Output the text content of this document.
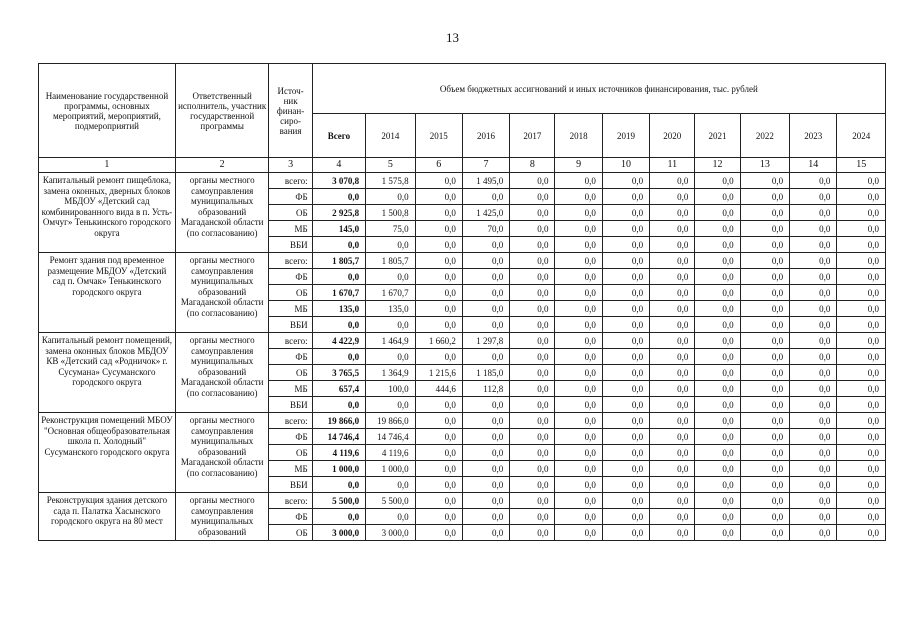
13
Наименование государственной программы, основных мероприятий, мероприятий, подмероприятий	Ответственный исполнитель, участник государственной программы	Источ-ник финан-сиро-вания	Объем бюджетных ассигнований и иных источников финансирования, тыс. рублей											
			Всего	2014	2015	2016	2017	2018	2019	2020	2021	2022	2023	2024
1	2	3	4	5	6	7	8	9	10	11	12	13	14	15
Капитальный ремонт пищеблока, замена оконных, дверных блоков МБДОУ «Детский сад комбинированного вида в п. Усть-Омчуг» Тенькинского городского округа	органы местного самоуправления муниципальных образований Магаданской области (по согласованию)	всего:	3 070,8	1 575,8	0,0	1 495,0	0,0	0,0	0,0	0,0	0,0	0,0	0,0	0,0
		ФБ	0,0	0,0	0,0	0,0	0,0	0,0	0,0	0,0	0,0	0,0	0,0	0,0
		ОБ	2 925,8	1 500,8	0,0	1 425,0	0,0	0,0	0,0	0,0	0,0	0,0	0,0	0,0
		МБ	145,0	75,0	0,0	70,0	0,0	0,0	0,0	0,0	0,0	0,0	0,0	0,0
		ВБИ	0,0	0,0	0,0	0,0	0,0	0,0	0,0	0,0	0,0	0,0	0,0	0,0
Ремонт здания под временное размещение МБДОУ «Детский сад п. Омчак» Тенькинского городского округа	органы местного самоуправления муниципальных образований Магаданской области (по согласованию)	всего:	1 805,7	1 805,7	0,0	0,0	0,0	0,0	0,0	0,0	0,0	0,0	0,0	0,0
		ФБ	0,0	0,0	0,0	0,0	0,0	0,0	0,0	0,0	0,0	0,0	0,0	0,0
		ОБ	1 670,7	1 670,7	0,0	0,0	0,0	0,0	0,0	0,0	0,0	0,0	0,0	0,0
		МБ	135,0	135,0	0,0	0,0	0,0	0,0	0,0	0,0	0,0	0,0	0,0	0,0
		ВБИ	0,0	0,0	0,0	0,0	0,0	0,0	0,0	0,0	0,0	0,0	0,0	0,0
Капитальный ремонт помещений, замена оконных блоков МБДОУ КВ «Детский сад «Родничок» г. Сусумана» Сусуманского городского округа	органы местного самоуправления муниципальных образований Магаданской области (по согласованию)	всего:	4 422,9	1 464,9	1 660,2	1 297,8	0,0	0,0	0,0	0,0	0,0	0,0	0,0	0,0
		ФБ	0,0	0,0	0,0	0,0	0,0	0,0	0,0	0,0	0,0	0,0	0,0	0,0
		ОБ	3 765,5	1 364,9	1 215,6	1 185,0	0,0	0,0	0,0	0,0	0,0	0,0	0,0	0,0
		МБ	657,4	100,0	444,6	112,8	0,0	0,0	0,0	0,0	0,0	0,0	0,0	0,0
		ВБИ	0,0	0,0	0,0	0,0	0,0	0,0	0,0	0,0	0,0	0,0	0,0	0,0
Реконструкция помещений МБОУ "Основная общеобразовательная школа п. Холодный" Сусуманского городского округа	органы местного самоуправления муниципальных образований Магаданской области (по согласованию)	всего:	19 866,0	19 866,0	0,0	0,0	0,0	0,0	0,0	0,0	0,0	0,0	0,0	0,0
		ФБ	14 746,4	14 746,4	0,0	0,0	0,0	0,0	0,0	0,0	0,0	0,0	0,0	0,0
		ОБ	4 119,6	4 119,6	0,0	0,0	0,0	0,0	0,0	0,0	0,0	0,0	0,0	0,0
		МБ	1 000,0	1 000,0	0,0	0,0	0,0	0,0	0,0	0,0	0,0	0,0	0,0	0,0
		ВБИ	0,0	0,0	0,0	0,0	0,0	0,0	0,0	0,0	0,0	0,0	0,0	0,0
Реконструкция здания детского сада п. Палатка Хасынского городского округа на 80 мест	органы местного самоуправления муниципальных образований	всего:	5 500,0	5 500,0	0,0	0,0	0,0	0,0	0,0	0,0	0,0	0,0	0,0	0,0
		ФБ	0,0	0,0	0,0	0,0	0,0	0,0	0,0	0,0	0,0	0,0	0,0	0,0
		ОБ	3 000,0	3 000,0	0,0	0,0	0,0	0,0	0,0	0,0	0,0	0,0	0,0	0,0
